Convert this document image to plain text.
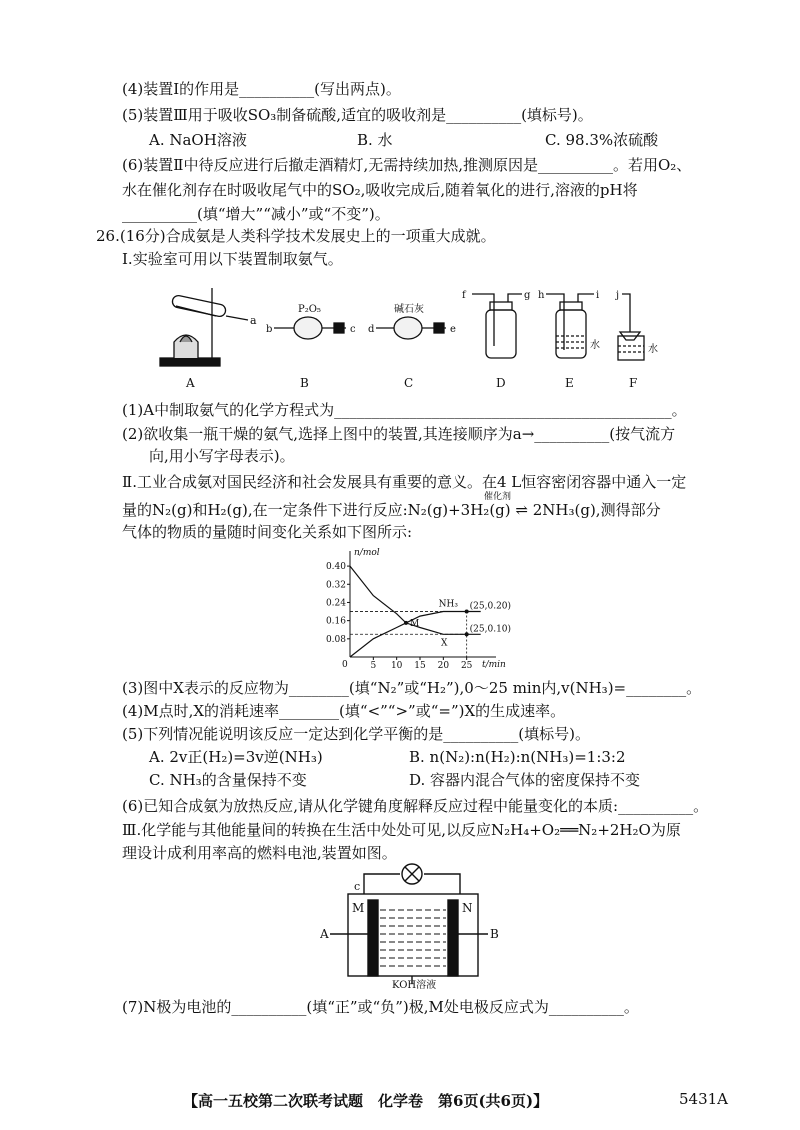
(4)装置Ⅰ的作用是__________(写出两点)。
(5)装置Ⅲ用于吸收SO₃制备硫酸,适宜的吸收剂是__________(填标号)。
A. NaOH溶液	B. 水	C. 98.3%浓硫酸
(6)装置Ⅱ中待反应进行后撤走酒精灯,无需持续加热,推测原因是__________。若用O₂、
水在催化剂存在时吸收尾气中的SO₂,吸收完成后,随着氧化的进行,溶液的pH将
__________(填“增大”“减小”或“不变”)。
26.(16分)合成氨是人类科学技术发展史上的一项重大成就。
Ⅰ.实验室可用以下装置制取氨气。
a
A
b	c
P₂O₅
B
d	e
碱石灰
C
f	g
D
h	i
水
E
j
水
F
(1)A中制取氨气的化学方程式为_____________________________________________。
(2)欲收集一瓶干燥的氨气,选择上图中的装置,其连接顺序为a→__________(按气流方
向,用小写字母表示)。
Ⅱ.工业合成氨对国民经济和社会发展具有重要的意义。在4 L恒容密闭容器中通入一定
催化剂
量的N₂(g)和H₂(g),在一定条件下进行反应:N₂(g)+3H₂(g) ⇌ 2NH₃(g),测得部分
气体的物质的量随时间变化关系如下图所示:
n/mol
t/min
0
0.08
0.16
0.24
0.32
0.40
5 10 15 20 25
NH₃
X
M
(25,0.20)
(25,0.10)
(3)图中X表示的反应物为________(填“N₂”或“H₂”),0～25 min内,v(NH₃)=________。
(4)M点时,X的消耗速率________(填“<”“>”或“=”)X的生成速率。
(5)下列情况能说明该反应一定达到化学平衡的是__________(填标号)。
A. 2v正(H₂)=3v逆(NH₃)	B. n(N₂):n(H₂):n(NH₃)=1:3:2
C. NH₃的含量保持不变	D. 容器内混合气体的密度保持不变
(6)已知合成氨为放热反应,请从化学键角度解释反应过程中能量变化的本质:__________。
Ⅲ.化学能与其他能量间的转换在生活中处处可见,以反应N₂H₄+O₂══N₂+2H₂O为原
理设计成利用率高的燃料电池,装置如图。
c
M	N
A	B
KOH溶液
(7)N极为电池的__________(填“正”或“负”)极,M处电极反应式为__________。
【高一五校第二次联考试题　化学卷　第6页(共6页)】	5431A
